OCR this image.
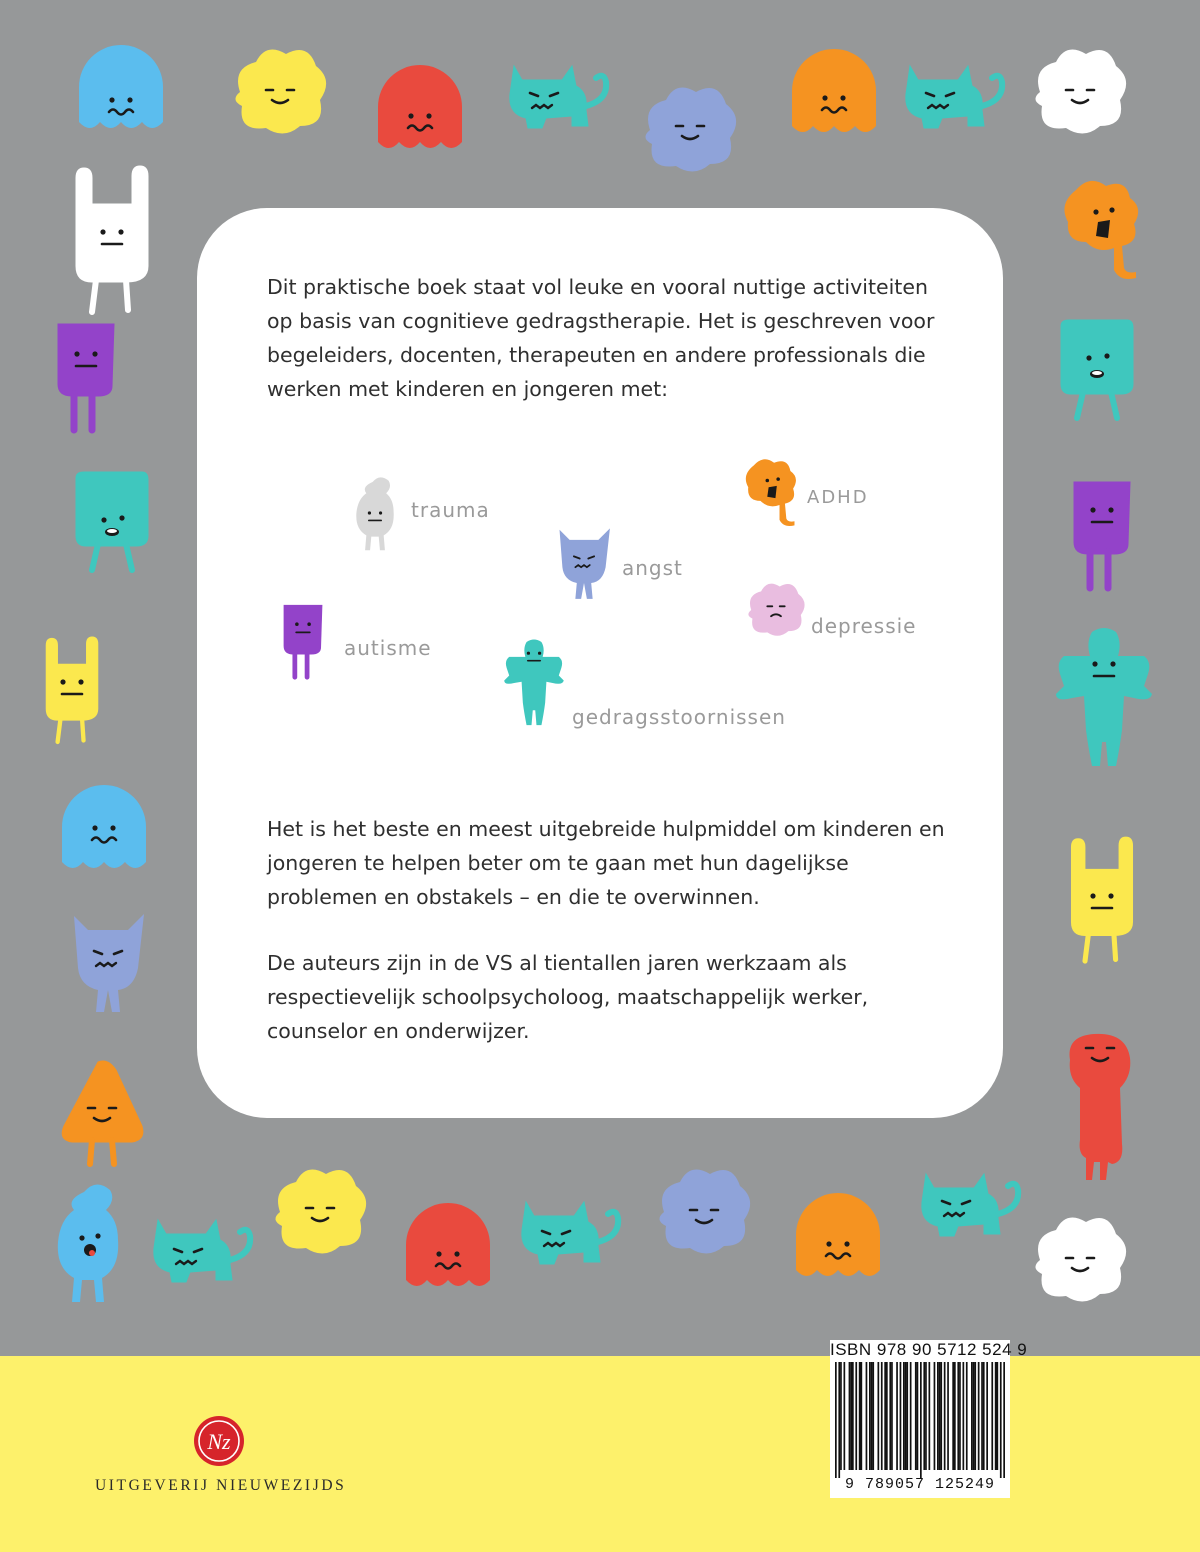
Dit praktische boek staat vol leuke en vooral nuttige activiteiten op basis van cognitieve gedragstherapie. Het is geschreven voor begeleiders, docenten, therapeuten en andere professionals die werken met kinderen en jongeren met:

trauma
ADHD
angst
depressie
autisme
gedragsstoornissen

Het is het beste en meest uitgebreide hulpmiddel om kinderen en jongeren te helpen beter om te gaan met hun dagelijkse problemen en obstakels – en die te overwinnen.

De auteurs zijn in de VS al tientallen jaren werkzaam als respectievelijk schoolpsycholoog, maatschappelijk werker, counselor en onderwijzer.

ISBN 978 90 5712 524 9
9 789057 125249
Nz
UITGEVERIJ NIEUWEZIJDS
